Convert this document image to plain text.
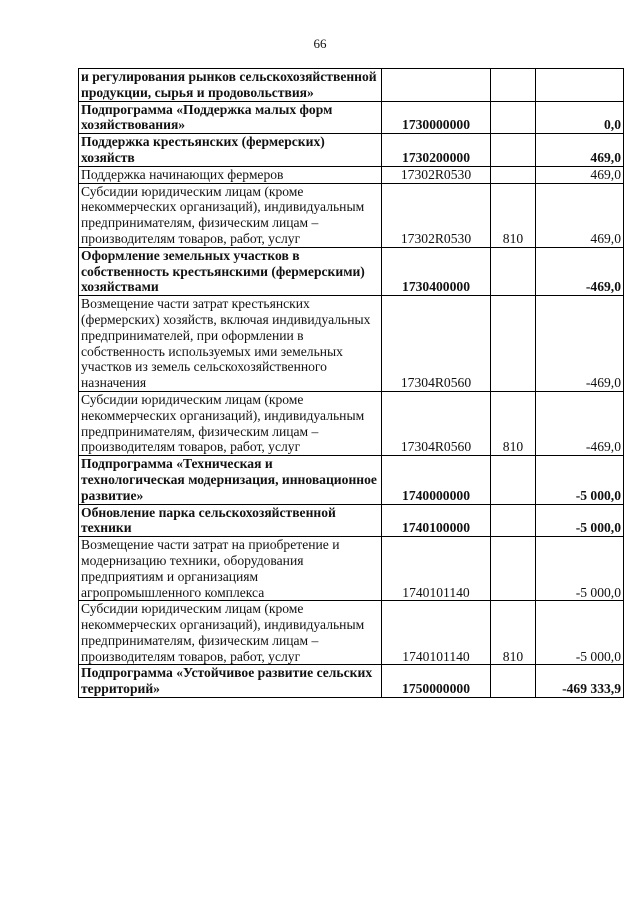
66
и регулирования рынков сельскохозяйственной продукции, сырья и продовольствия»			
Подпрограмма «Поддержка малых форм хозяйствования»	1730000000		0,0
Поддержка крестьянских (фермерских) хозяйств	1730200000		469,0
Поддержка начинающих фермеров	17302R0530		469,0
Субсидии юридическим лицам (кроме некоммерческих организаций), индивидуальным предпринимателям, физическим лицам – производителям товаров, работ, услуг	17302R0530	810	469,0
Оформление земельных участков в собственность крестьянскими (фермерскими) хозяйствами	1730400000		-469,0
Возмещение части затрат крестьянских (фермерских) хозяйств, включая индивидуальных предпринимателей, при оформлении в собственность используемых ими земельных участков из земель сельскохозяйственного назначения	17304R0560		-469,0
Субсидии юридическим лицам (кроме некоммерческих организаций), индивидуальным предпринимателям, физическим лицам – производителям товаров, работ, услуг	17304R0560	810	-469,0
Подпрограмма «Техническая и технологическая модернизация, инновационное развитие»	1740000000		-5 000,0
Обновление парка сельскохозяйственной техники	1740100000		-5 000,0
Возмещение части затрат на приобретение и модернизацию техники, оборудования предприятиям и организациям агропромышленного комплекса	1740101140		-5 000,0
Субсидии юридическим лицам (кроме некоммерческих организаций), индивидуальным предпринимателям, физическим лицам – производителям товаров, работ, услуг	1740101140	810	-5 000,0
Подпрограмма «Устойчивое развитие сельских территорий»	1750000000		-469 333,9
